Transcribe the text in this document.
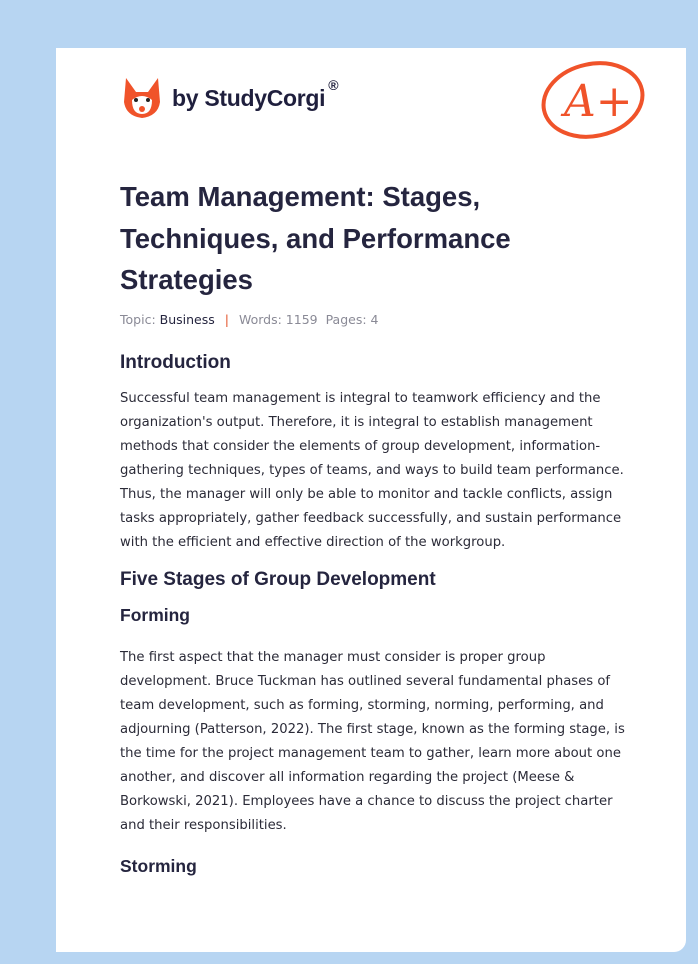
by StudyCorgi ®	A+
Team Management: Stages, Techniques, and Performance Strategies
Topic: Business | Words: 1159 Pages: 4
Introduction

Successful team management is integral to teamwork efficiency and the organization's output. Therefore, it is integral to establish management methods that consider the elements of group development, information-gathering techniques, types of teams, and ways to build team performance. Thus, the manager will only be able to monitor and tackle conflicts, assign tasks appropriately, gather feedback successfully, and sustain performance with the efficient and effective direction of the workgroup.

Five Stages of Group Development
Forming

The first aspect that the manager must consider is proper group development. Bruce Tuckman has outlined several fundamental phases of team development, such as forming, storming, norming, performing, and adjourning (Patterson, 2022). The first stage, known as the forming stage, is the time for the project management team to gather, learn more about one another, and discover all information regarding the project (Meese & Borkowski, 2021). Employees have a chance to discuss the project charter and their responsibilities.

Storming
